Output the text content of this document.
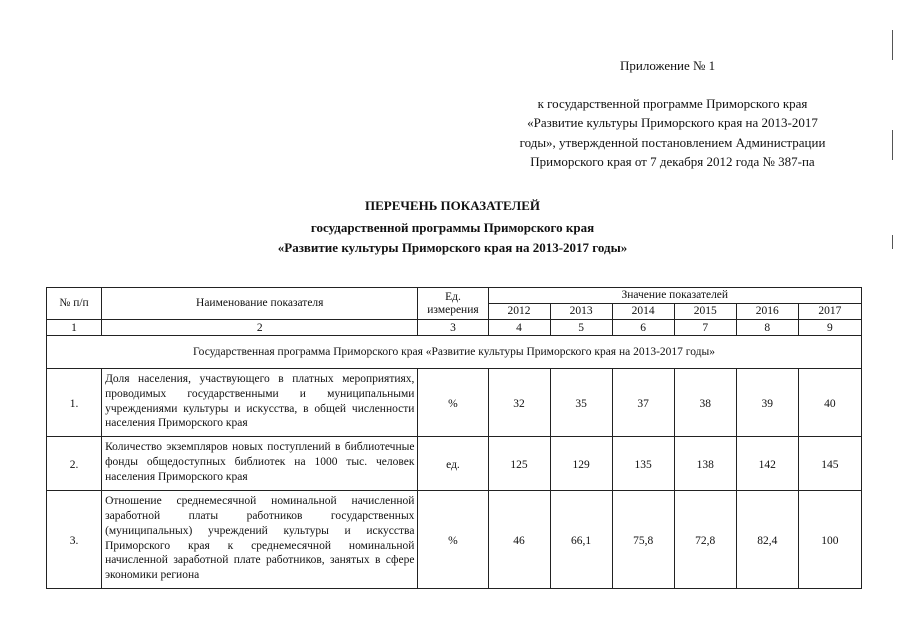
Приложение № 1
к государственной программе Приморского края
«Развитие культуры Приморского края на 2013-2017
годы», утвержденной постановлением Администрации
Приморского края от 7 декабря 2012 года № 387-па
ПЕРЕЧЕНЬ ПОКАЗАТЕЛЕЙ
государственной программы Приморского края
«Развитие культуры Приморского края на 2013-2017 годы»
№ п/п	Наименование показателя	Ед. измерения	Значение показателей					
			2012	2013	2014	2015	2016	2017
1	2	3	4	5	6	7	8	9
Государственная программа Приморского края «Развитие культуры Приморского края на 2013-2017 годы»								
1.	Доля населения, участвующего в платных мероприятиях, проводимых государственными и муниципальными учреждениями культуры и искусства, в общей численности населения Приморского края	%	32	35	37	38	39	40
2.	Количество экземпляров новых поступлений в библиотечные фонды общедоступных библиотек на 1000 тыс. человек населения Приморского края	ед.	125	129	135	138	142	145
3.	Отношение среднемесячной номинальной начисленной заработной платы работников государственных (муниципальных) учреждений культуры и искусства Приморского края к среднемесячной номинальной начисленной заработной плате работников, занятых в сфере экономики региона	%	46	66,1	75,8	72,8	82,4	100
